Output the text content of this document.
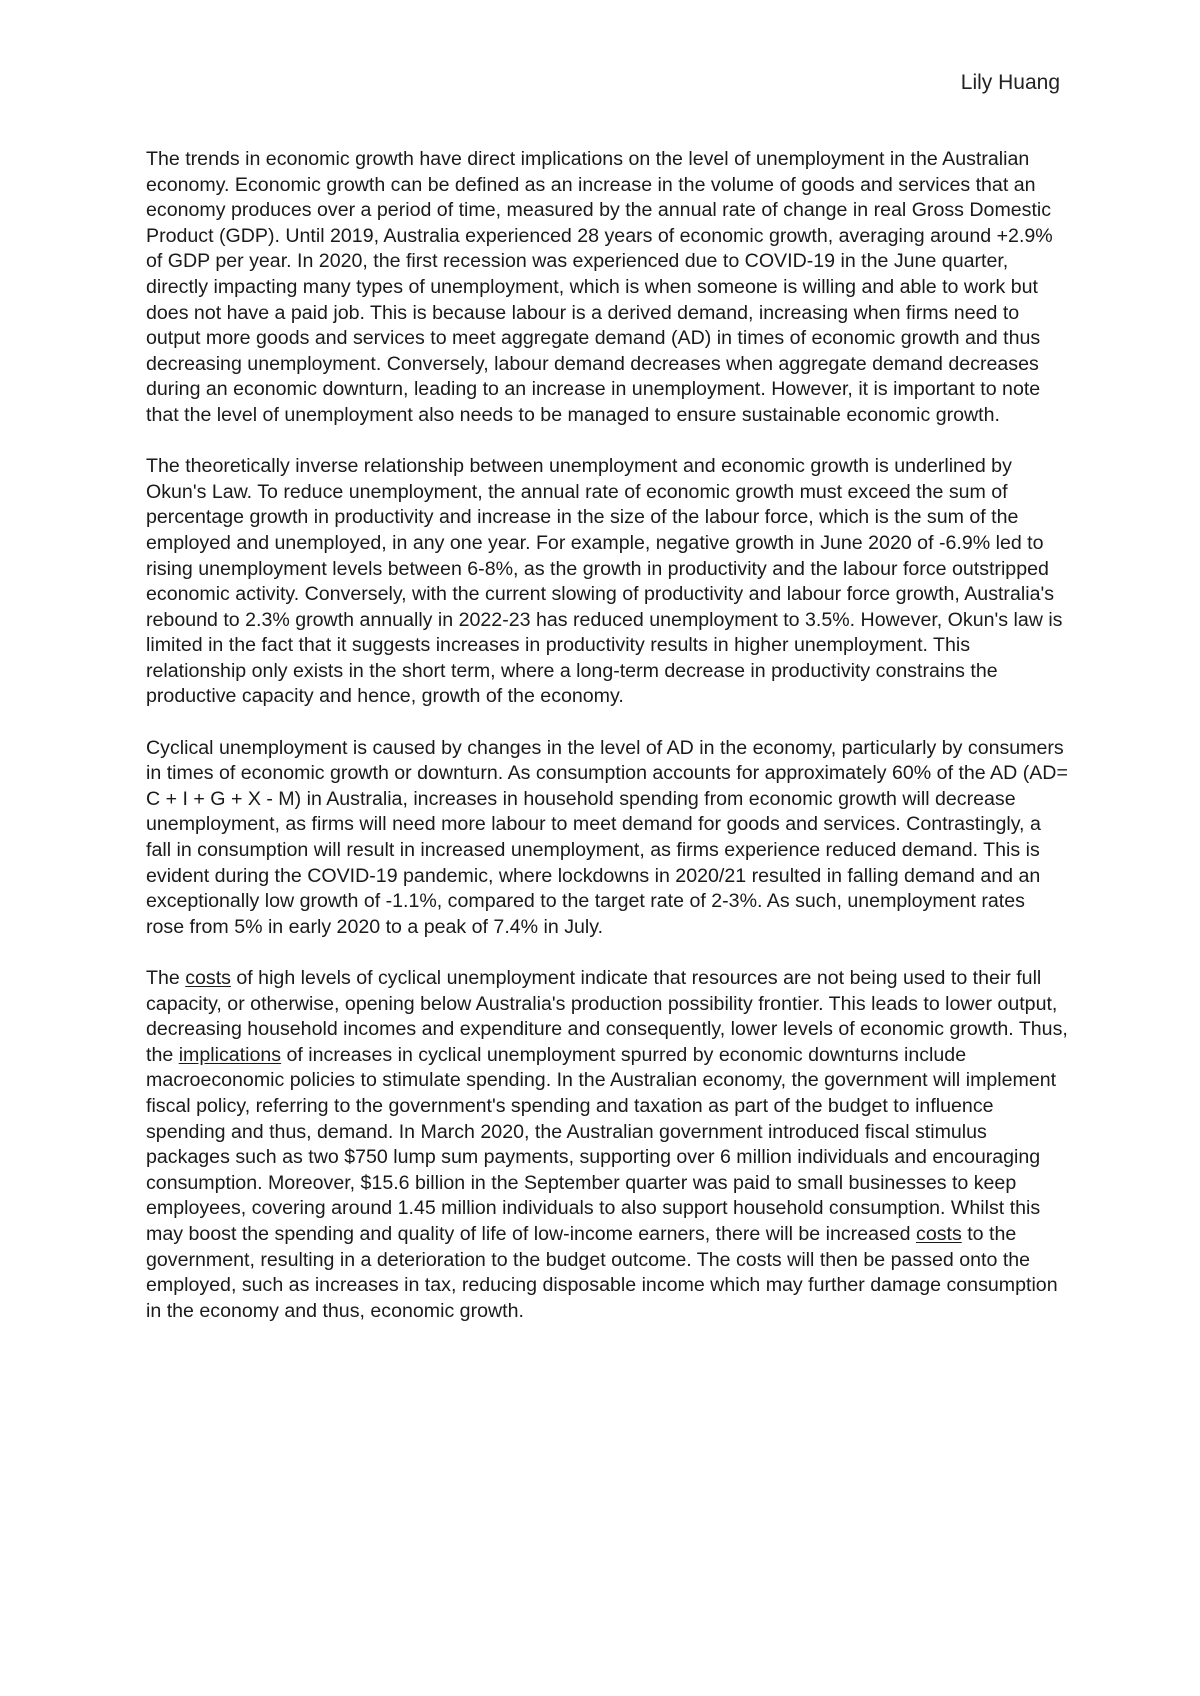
Lily Huang

The trends in economic growth have direct implications on the level of unemployment in the Australian economy. Economic growth can be defined as an increase in the volume of goods and services that an economy produces over a period of time, measured by the annual rate of change in real Gross Domestic Product (GDP). Until 2019, Australia experienced 28 years of economic growth, averaging around +2.9% of GDP per year. In 2020, the first recession was experienced due to COVID-19 in the June quarter, directly impacting many types of unemployment, which is when someone is willing and able to work but does not have a paid job. This is because labour is a derived demand, increasing when firms need to output more goods and services to meet aggregate demand (AD) in times of economic growth and thus decreasing unemployment. Conversely, labour demand decreases when aggregate demand decreases during an economic downturn, leading to an increase in unemployment. However, it is important to note that the level of unemployment also needs to be managed to ensure sustainable economic growth.

The theoretically inverse relationship between unemployment and economic growth is underlined by Okun's Law. To reduce unemployment, the annual rate of economic growth must exceed the sum of percentage growth in productivity and increase in the size of the labour force, which is the sum of the employed and unemployed, in any one year. For example, negative growth in June 2020 of -6.9% led to rising unemployment levels between 6-8%, as the growth in productivity and the labour force outstripped economic activity. Conversely, with the current slowing of productivity and labour force growth, Australia's rebound to 2.3% growth annually in 2022-23 has reduced unemployment to 3.5%. However, Okun's law is limited in the fact that it suggests increases in productivity results in higher unemployment. This relationship only exists in the short term, where a long-term decrease in productivity constrains the productive capacity and hence, growth of the economy.

Cyclical unemployment is caused by changes in the level of AD in the economy, particularly by consumers in times of economic growth or downturn. As consumption accounts for approximately 60% of the AD (AD= C + I + G + X - M) in Australia, increases in household spending from economic growth will decrease unemployment, as firms will need more labour to meet demand for goods and services. Contrastingly, a fall in consumption will result in increased unemployment, as firms experience reduced demand. This is evident during the COVID-19 pandemic, where lockdowns in 2020/21 resulted in falling demand and an exceptionally low growth of -1.1%, compared to the target rate of 2-3%. As such, unemployment rates rose from 5% in early 2020 to a peak of 7.4% in July.

The costs of high levels of cyclical unemployment indicate that resources are not being used to their full capacity, or otherwise, opening below Australia's production possibility frontier. This leads to lower output, decreasing household incomes and expenditure and consequently, lower levels of economic growth. Thus, the implications of increases in cyclical unemployment spurred by economic downturns include macroeconomic policies to stimulate spending. In the Australian economy, the government will implement fiscal policy, referring to the government's spending and taxation as part of the budget to influence spending and thus, demand. In March 2020, the Australian government introduced fiscal stimulus packages such as two $750 lump sum payments, supporting over 6 million individuals and encouraging consumption. Moreover, $15.6 billion in the September quarter was paid to small businesses to keep employees, covering around 1.45 million individuals to also support household consumption. Whilst this may boost the spending and quality of life of low-income earners, there will be increased costs to the government, resulting in a deterioration to the budget outcome. The costs will then be passed onto the employed, such as increases in tax, reducing disposable income which may further damage consumption in the economy and thus, economic growth.
